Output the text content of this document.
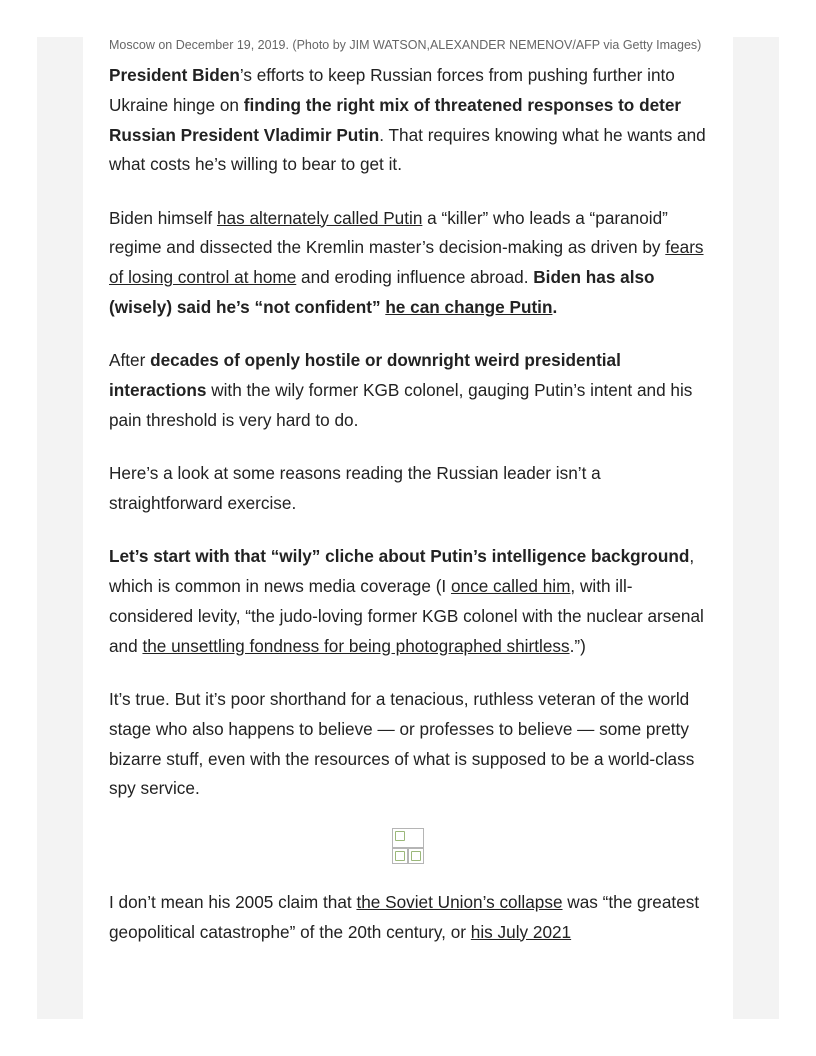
Moscow on December 19, 2019. (Photo by JIM WATSON,ALEXANDER NEMENOV/AFP via Getty Images)

President Biden’s efforts to keep Russian forces from pushing further into Ukraine hinge on finding the right mix of threatened responses to deter Russian President Vladimir Putin. That requires knowing what he wants and what costs he’s willing to bear to get it.

Biden himself has alternately called Putin a “killer” who leads a “paranoid” regime and dissected the Kremlin master’s decision-making as driven by fears of losing control at home and eroding influence abroad. Biden has also (wisely) said he’s “not confident” he can change Putin.

After decades of openly hostile or downright weird presidential interactions with the wily former KGB colonel, gauging Putin’s intent and his pain threshold is very hard to do.

Here’s a look at some reasons reading the Russian leader isn’t a straightforward exercise.

Let’s start with that “wily” cliche about Putin’s intelligence background, which is common in news media coverage (I once called him, with ill-considered levity, “the judo-loving former KGB colonel with the nuclear arsenal and the unsettling fondness for being photographed shirtless.”)

It’s true. But it’s poor shorthand for a tenacious, ruthless veteran of the world stage who also happens to believe — or professes to believe — some pretty bizarre stuff, even with the resources of what is supposed to be a world-class spy service.

I don’t mean his 2005 claim that the Soviet Union’s collapse was “the greatest geopolitical catastrophe” of the 20th century, or his July 2021
